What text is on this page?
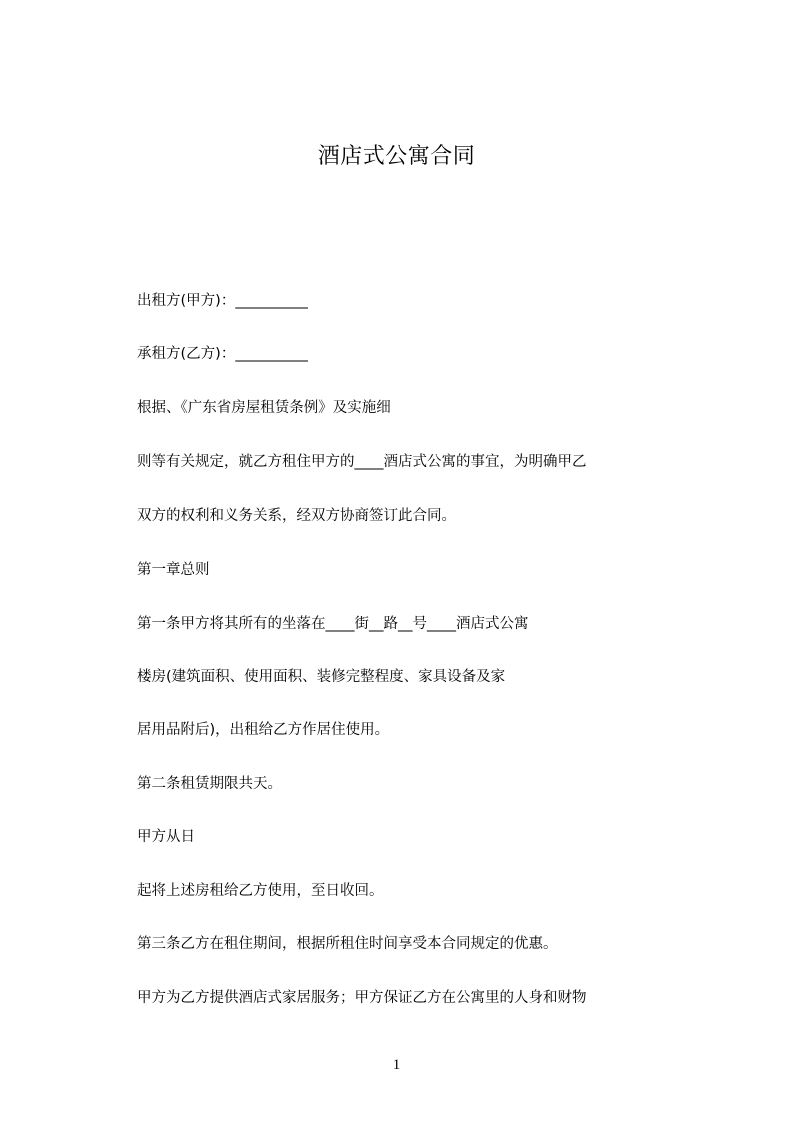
酒店式公寓合同
出租方(甲方)：__________
承租方(乙方)：__________
根据、《广东省房屋租赁条例》及实施细
则等有关规定，就乙方租住甲方的____酒店式公寓的事宜，为明确甲乙
双方的权利和义务关系，经双方协商签订此合同。
第一章总则
第一条甲方将其所有的坐落在____街__路__号____酒店式公寓
楼房(建筑面积、使用面积、装修完整程度、家具设备及家
居用品附后)，出租给乙方作居住使用。
第二条租赁期限共天。
甲方从日
起将上述房租给乙方使用，至日收回。
第三条乙方在租住期间，根据所租住时间享受本合同规定的优惠。
甲方为乙方提供酒店式家居服务；甲方保证乙方在公寓里的人身和财物
1
